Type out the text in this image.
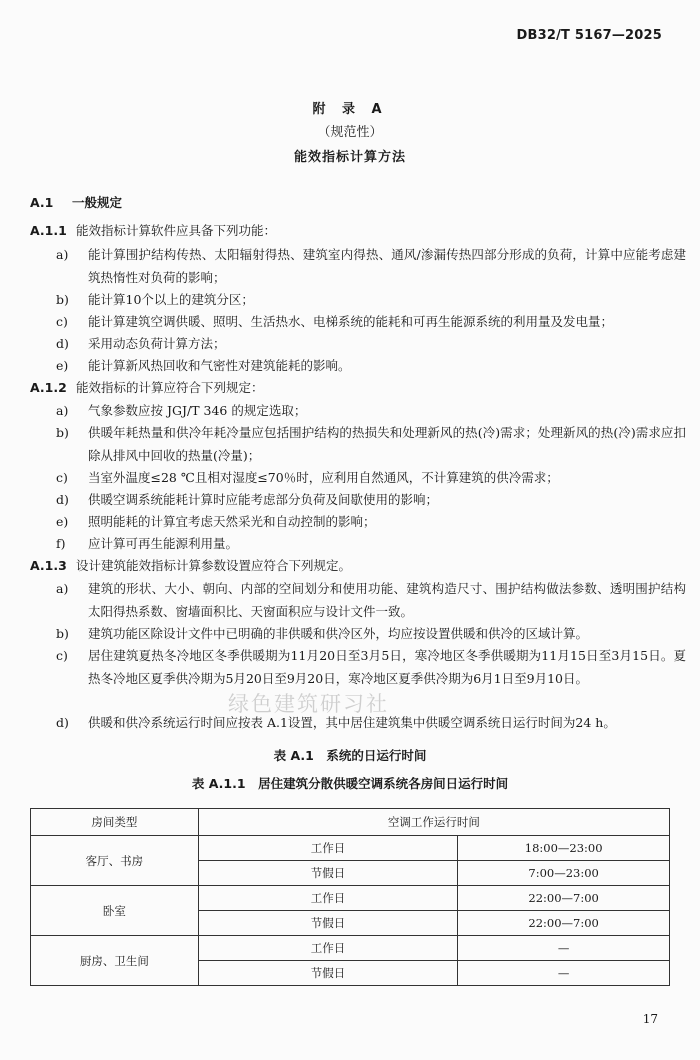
DB32/T 5167—2025
附 录 A
（规范性）
能效指标计算方法
A.1 一般规定
A.1.1 能效指标计算软件应具备下列功能：
a) 能计算围护结构传热、太阳辐射得热、建筑室内得热、通风/渗漏传热四部分形成的负荷，计算中应能考虑建筑热惰性对负荷的影响；
b) 能计算10个以上的建筑分区；
c) 能计算建筑空调供暖、照明、生活热水、电梯系统的能耗和可再生能源系统的利用量及发电量；
d) 采用动态负荷计算方法；
e) 能计算新风热回收和气密性对建筑能耗的影响。
A.1.2 能效指标的计算应符合下列规定：
a) 气象参数应按 JGJ/T 346 的规定选取；
b) 供暖年耗热量和供冷年耗冷量应包括围护结构的热损失和处理新风的热(冷)需求；处理新风的热(冷)需求应扣除从排风中回收的热量(冷量)；
c) 当室外温度≤28 ℃且相对湿度≤70％时，应利用自然通风，不计算建筑的供冷需求；
d) 供暖空调系统能耗计算时应能考虑部分负荷及间歇使用的影响；
e) 照明能耗的计算宜考虑天然采光和自动控制的影响；
f) 应计算可再生能源利用量。
A.1.3 设计建筑能效指标计算参数设置应符合下列规定。
a) 建筑的形状、大小、朝向、内部的空间划分和使用功能、建筑构造尺寸、围护结构做法参数、透明围护结构太阳得热系数、窗墙面积比、天窗面积应与设计文件一致。
b) 建筑功能区除设计文件中已明确的非供暖和供冷区外，均应按设置供暖和供冷的区域计算。
c) 居住建筑夏热冬冷地区冬季供暖期为11月20日至3月5日，寒冷地区冬季供暖期为11月15日至3月15日。夏热冬冷地区夏季供冷期为5月20日至9月20日，寒冷地区夏季供冷期为6月1日至9月10日。
d) 供暖和供冷系统运行时间应按表 A.1设置，其中居住建筑集中供暖空调系统日运行时间为24 h。
绿色建筑研习社
表 A.1　系统的日运行时间
表 A.1.1　居住建筑分散供暖空调系统各房间日运行时间
房间类型	空调工作运行时间	
客厅、书房	工作日	18:00—23:00
	节假日	7:00—23:00
卧室	工作日	22:00—7:00
	节假日	22:00—7:00
厨房、卫生间	工作日	—
	节假日	—
17
